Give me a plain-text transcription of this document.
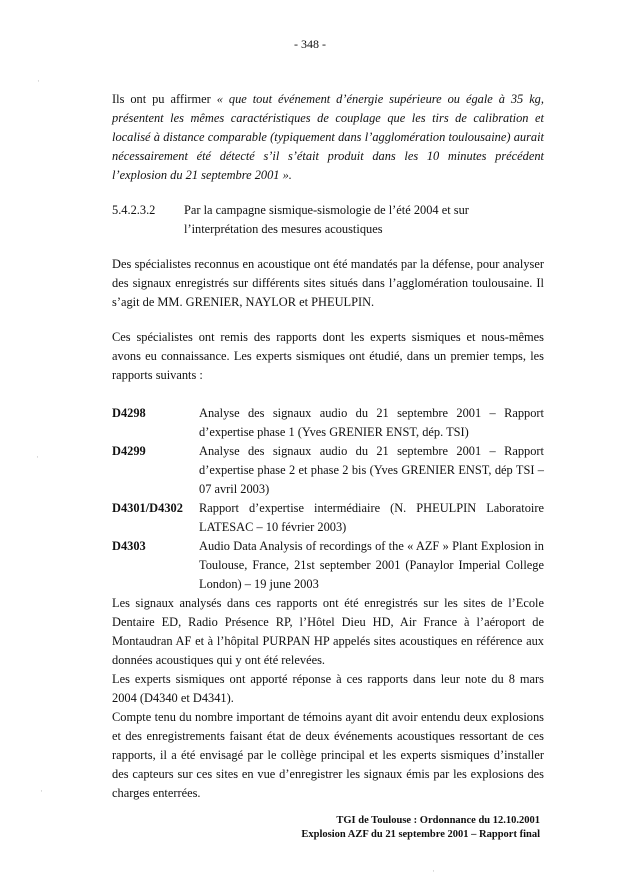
- 348 -
Ils ont pu affirmer « que tout événement d’énergie supérieure ou égale à 35 kg, présentent les mêmes caractéristiques de couplage que les tirs de calibration et localisé à distance comparable (typiquement dans l’agglomération toulousaine) aurait nécessairement été détecté s’il s’était produit dans les 10 minutes précédent l’explosion du 21 septembre 2001 ».
5.4.2.3.2	Par la campagne sismique-sismologie de l’été 2004 et sur l’interprétation des mesures acoustiques
Des spécialistes reconnus en acoustique ont été mandatés par la défense, pour analyser des signaux enregistrés sur différents sites situés dans l’agglomération toulousaine. Il s’agit de MM. GRENIER, NAYLOR et PHEULPIN.
Ces spécialistes ont remis des rapports dont les experts sismiques et nous-mêmes avons eu connaissance. Les experts sismiques ont étudié, dans un premier temps, les rapports suivants :
D4298	Analyse des signaux audio du 21 septembre 2001 – Rapport d’expertise phase 1 (Yves GRENIER ENST, dép. TSI)
D4299	Analyse des signaux audio du 21 septembre 2001 – Rapport d’expertise phase 2 et phase 2 bis (Yves GRENIER ENST, dép TSI – 07 avril 2003)
D4301/D4302	Rapport d’expertise intermédiaire (N. PHEULPIN Laboratoire LATESAC – 10 février 2003)
D4303	Audio Data Analysis of recordings of the « AZF » Plant Explosion in Toulouse, France, 21st september 2001 (Panaylor Imperial College London) – 19 june 2003
Les signaux analysés dans ces rapports ont été enregistrés sur les sites de l’Ecole Dentaire ED, Radio Présence RP, l’Hôtel Dieu HD, Air France à l’aéroport de Montaudran AF et à l’hôpital PURPAN HP appelés sites acoustiques en référence aux données acoustiques qui y ont été relevées.
Les experts sismiques ont apporté réponse à ces rapports dans leur note du 8 mars 2004 (D4340 et D4341).
Compte tenu du nombre important de témoins ayant dit avoir entendu deux explosions et des enregistrements faisant état de deux événements acoustiques ressortant de ces rapports, il a été envisagé par le collège principal et les experts sismiques d’installer des capteurs sur ces sites en vue d’enregistrer les signaux émis par les explosions des charges enterrées.
TGI de Toulouse : Ordonnance du 12.10.2001
Explosion AZF du 21 septembre 2001 – Rapport final
·
·
·
·
